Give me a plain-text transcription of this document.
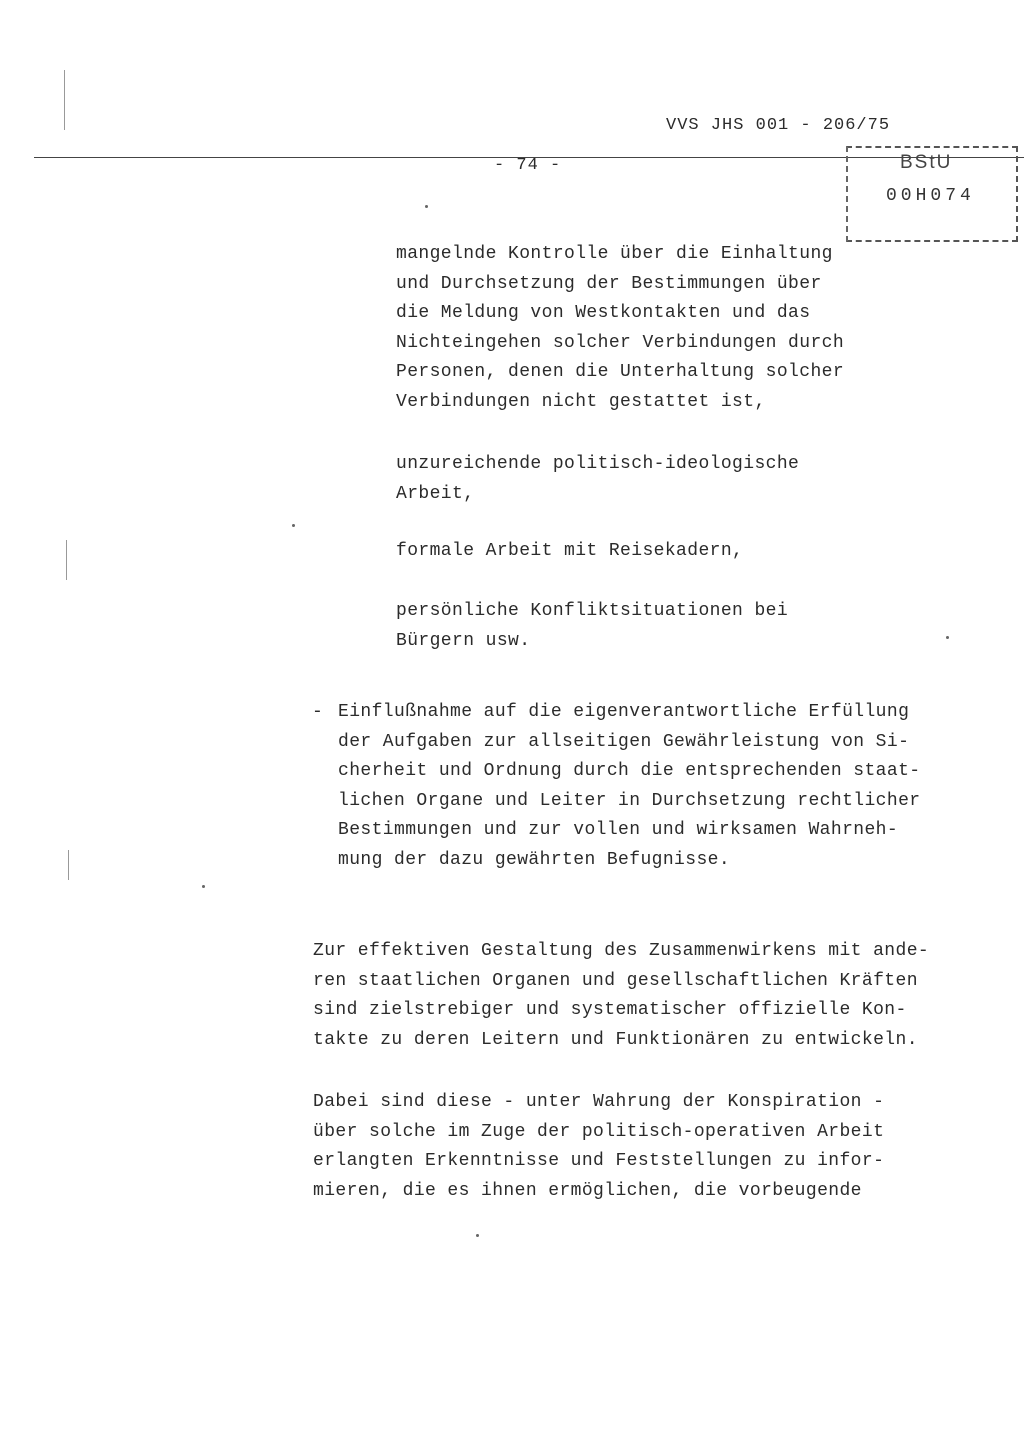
VVS JHS 001 - 206/75
- 74 -	BStU
00H074
mangelnde Kontrolle über die Einhaltung
und Durchsetzung der Bestimmungen über
die Meldung von Westkontakten und das
Nichteingehen solcher Verbindungen durch
Personen, denen die Unterhaltung solcher
Verbindungen nicht gestattet ist,
unzureichende politisch-ideologische
Arbeit,
formale Arbeit mit Reisekadern,
persönliche Konfliktsituationen bei
Bürgern usw.
- Einflußnahme auf die eigenverantwortliche Erfüllung
der Aufgaben zur allseitigen Gewährleistung von Si-
cherheit und Ordnung durch die entsprechenden staat-
lichen Organe und Leiter in Durchsetzung rechtlicher
Bestimmungen und zur vollen und wirksamen Wahrneh-
mung der dazu gewährten Befugnisse.
Zur effektiven Gestaltung des Zusammenwirkens mit ande-
ren staatlichen Organen und gesellschaftlichen Kräften
sind zielstrebiger und systematischer offizielle Kon-
takte zu deren Leitern und Funktionären zu entwickeln.
Dabei sind diese - unter Wahrung der Konspiration -
über solche im Zuge der politisch-operativen Arbeit
erlangten Erkenntnisse und Feststellungen zu infor-
mieren, die es ihnen ermöglichen, die vorbeugende
